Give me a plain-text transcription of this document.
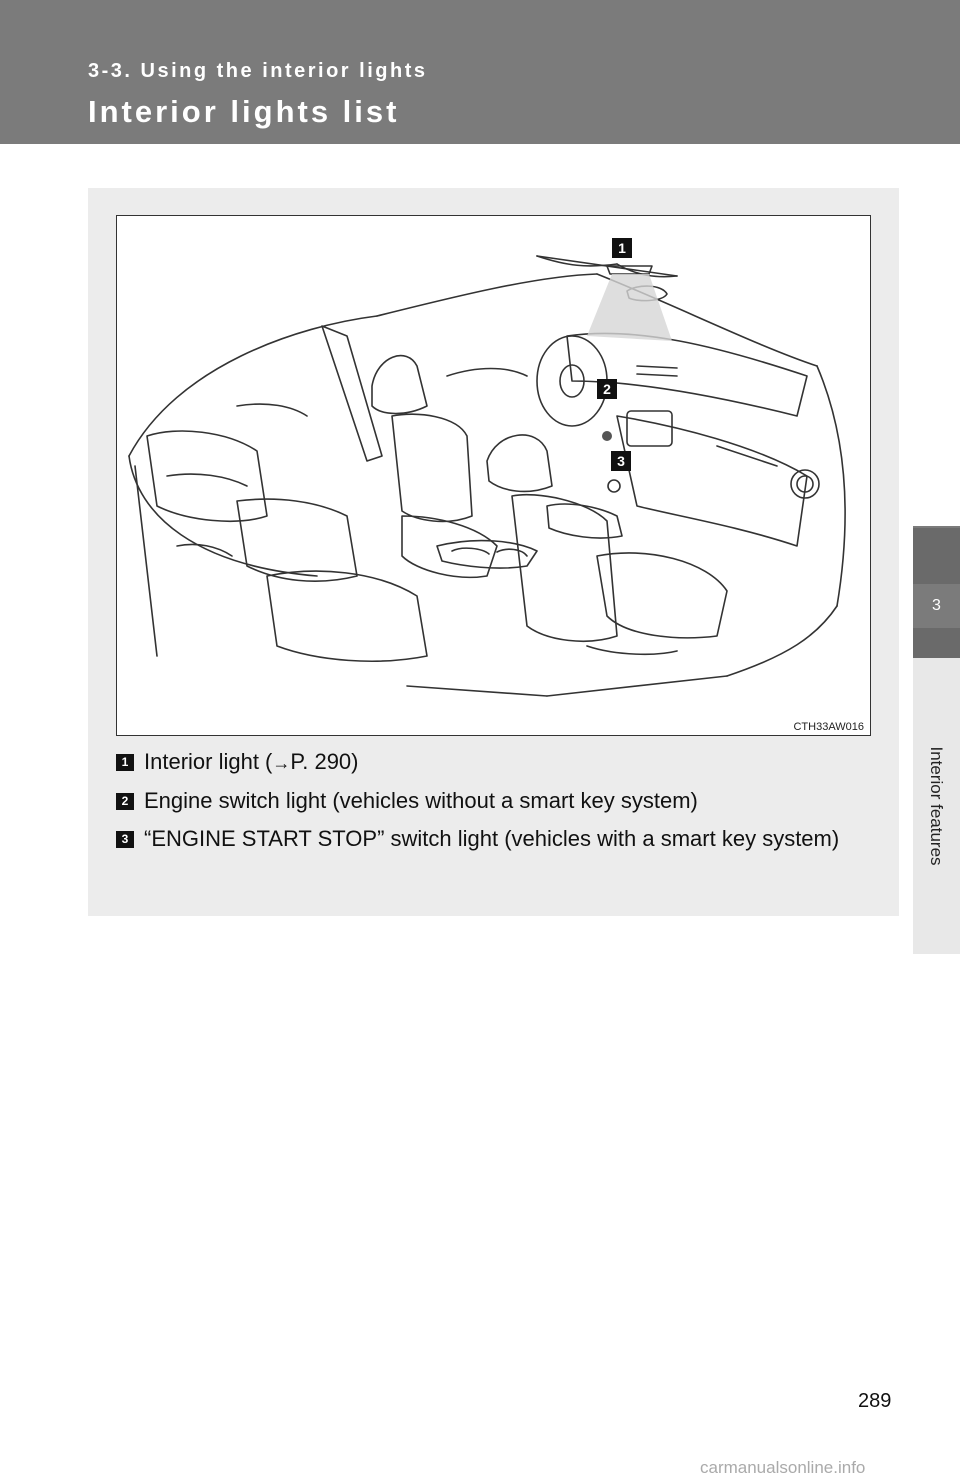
3-3. Using the interior lights
Interior lights list
3
Interior features
1
2
3
CTH33AW016
1 Interior light (→P. 290)
2 Engine switch light (vehicles without a smart key system)
3 “ENGINE START STOP” switch light (vehicles with a smart key system)
289
carmanualsonline.info
